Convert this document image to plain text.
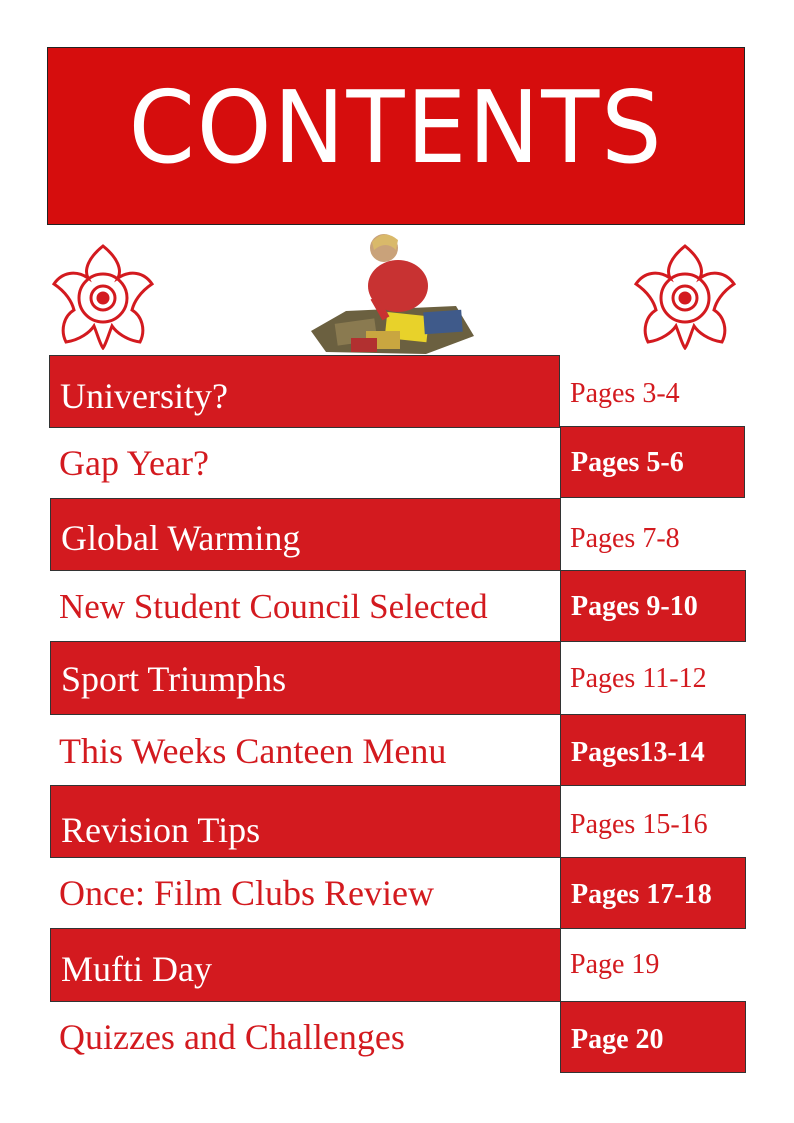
CONTENTS
University?	Pages 3-4
Gap Year?	Pages 5-6
Global Warming	Pages 7-8
New Student Council Selected	Pages 9-10
Sport Triumphs	Pages 11-12
This Weeks Canteen Menu	Pages13-14
Revision Tips	Pages 15-16
Once: Film Clubs Review	Pages 17-18
Mufti Day	Page 19
Quizzes and Challenges	Page 20
